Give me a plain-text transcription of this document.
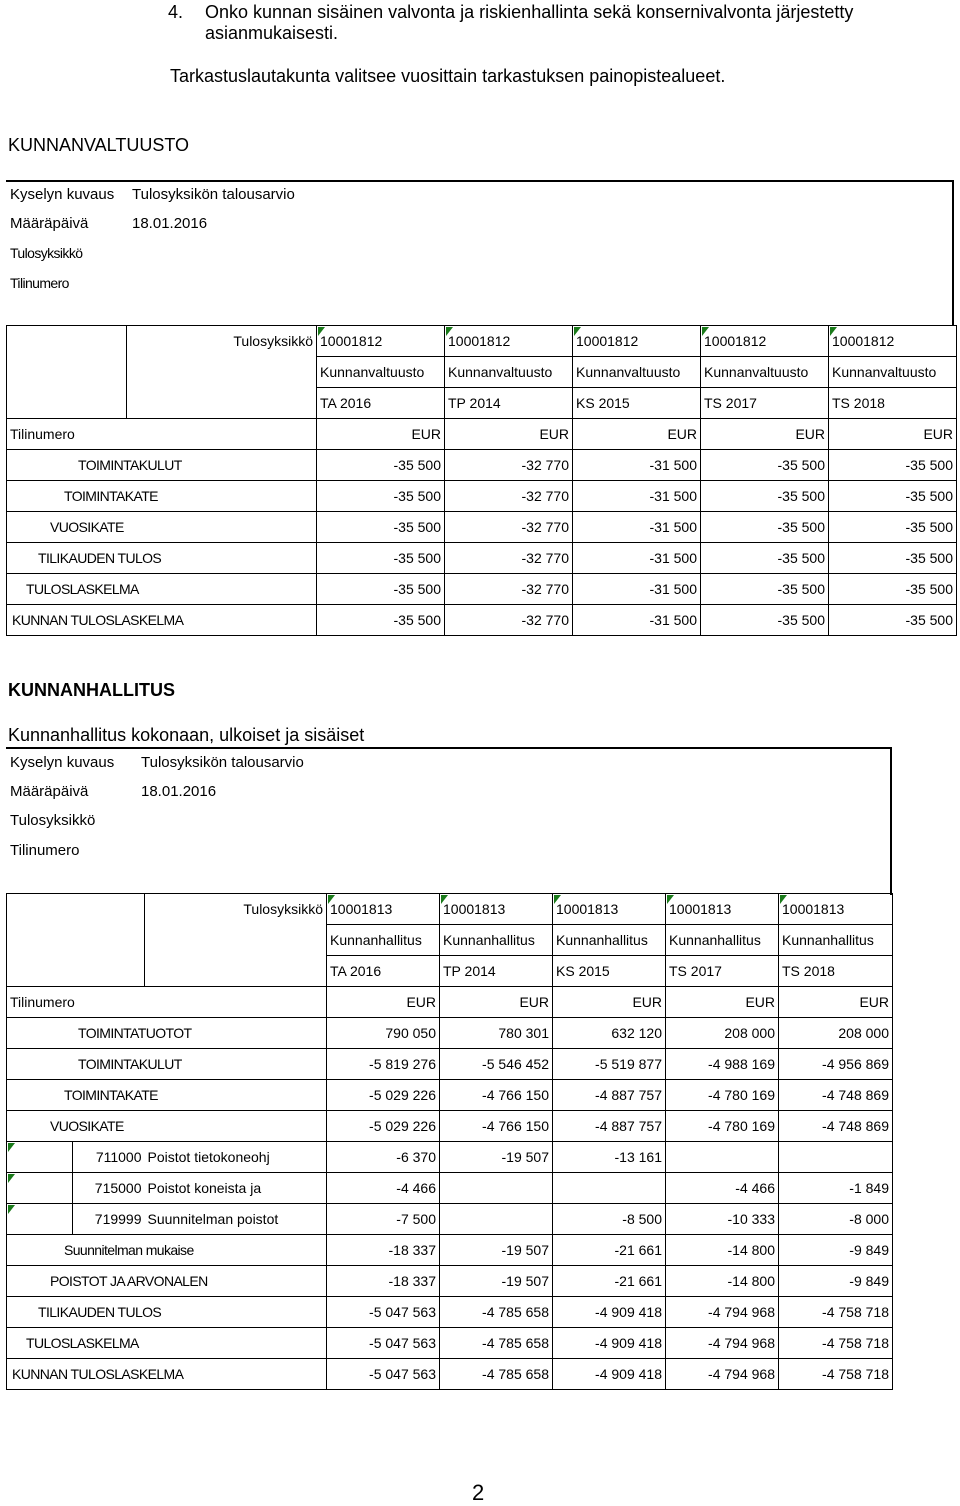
4. Onko kunnan sisäinen valvonta ja riskienhallinta sekä konsernivalvonta järjestetty
asianmukaisesti.
Tarkastuslautakunta valitsee vuosittain tarkastuksen painopistealueet.
KUNNANVALTUUSTO
Kyselyn kuvaus Tulosyksikön talousarvio
Määräpäivä	18.01.2016
Tulosyksikkö
Tilinumero
	Tulosyksikkö	10001812	10001812	10001812	10001812	10001812
		Kunnanvaltuusto	Kunnanvaltuusto	Kunnanvaltuusto	Kunnanvaltuusto	Kunnanvaltuusto
		TA 2016	TP 2014	KS 2015	TS 2017	TS 2018
Tilinumero		EUR	EUR	EUR	EUR	EUR
TOIMINTAKULUT		-35 500	-32 770	-31 500	-35 500	-35 500
TOIMINTAKATE		-35 500	-32 770	-31 500	-35 500	-35 500
VUOSIKATE		-35 500	-32 770	-31 500	-35 500	-35 500
TILIKAUDEN TULOS		-35 500	-32 770	-31 500	-35 500	-35 500
TULOSLASKELMA		-35 500	-32 770	-31 500	-35 500	-35 500
KUNNAN TULOSLASKELMA		-35 500	-32 770	-31 500	-35 500	-35 500
KUNNANHALLITUS
Kunnanhallitus kokonaan, ulkoiset ja sisäiset
Kyselyn kuvaus Tulosyksikön talousarvio
Määräpäivä	18.01.2016
Tulosyksikkö
Tilinumero
		Tulosyksikkö	10001813	10001813	10001813	10001813	10001813
			Kunnanhallitus	Kunnanhallitus	Kunnanhallitus	Kunnanhallitus	Kunnanhallitus
			TA 2016	TP 2014	KS 2015	TS 2017	TS 2018
Tilinumero			EUR	EUR	EUR	EUR	EUR
TOIMINTATUOTOT			790 050	780 301	632 120	208 000	208 000
TOIMINTAKULUT			-5 819 276	-5 546 452	-5 519 877	-4 988 169	-4 956 869
TOIMINTAKATE			-5 029 226	-4 766 150	-4 887 757	-4 780 169	-4 748 869
VUOSIKATE			-5 029 226	-4 766 150	-4 887 757	-4 780 169	-4 748 869

	711000	Poistot tietokoneohj	-6 370	-19 507	-13 161		

	715000	Poistot koneista ja	-4 466			-4 466	-1 849

	719999	Suunnitelman poistot	-7 500		-8 500	-10 333	-8 000
Suunnitelman mukaise			-18 337	-19 507	-21 661	-14 800	-9 849
POISTOT JA ARVONALEN			-18 337	-19 507	-21 661	-14 800	-9 849
TILIKAUDEN TULOS			-5 047 563	-4 785 658	-4 909 418	-4 794 968	-4 758 718
TULOSLASKELMA			-5 047 563	-4 785 658	-4 909 418	-4 794 968	-4 758 718
KUNNAN TULOSLASKELMA			-5 047 563	-4 785 658	-4 909 418	-4 794 968	-4 758 718
2
